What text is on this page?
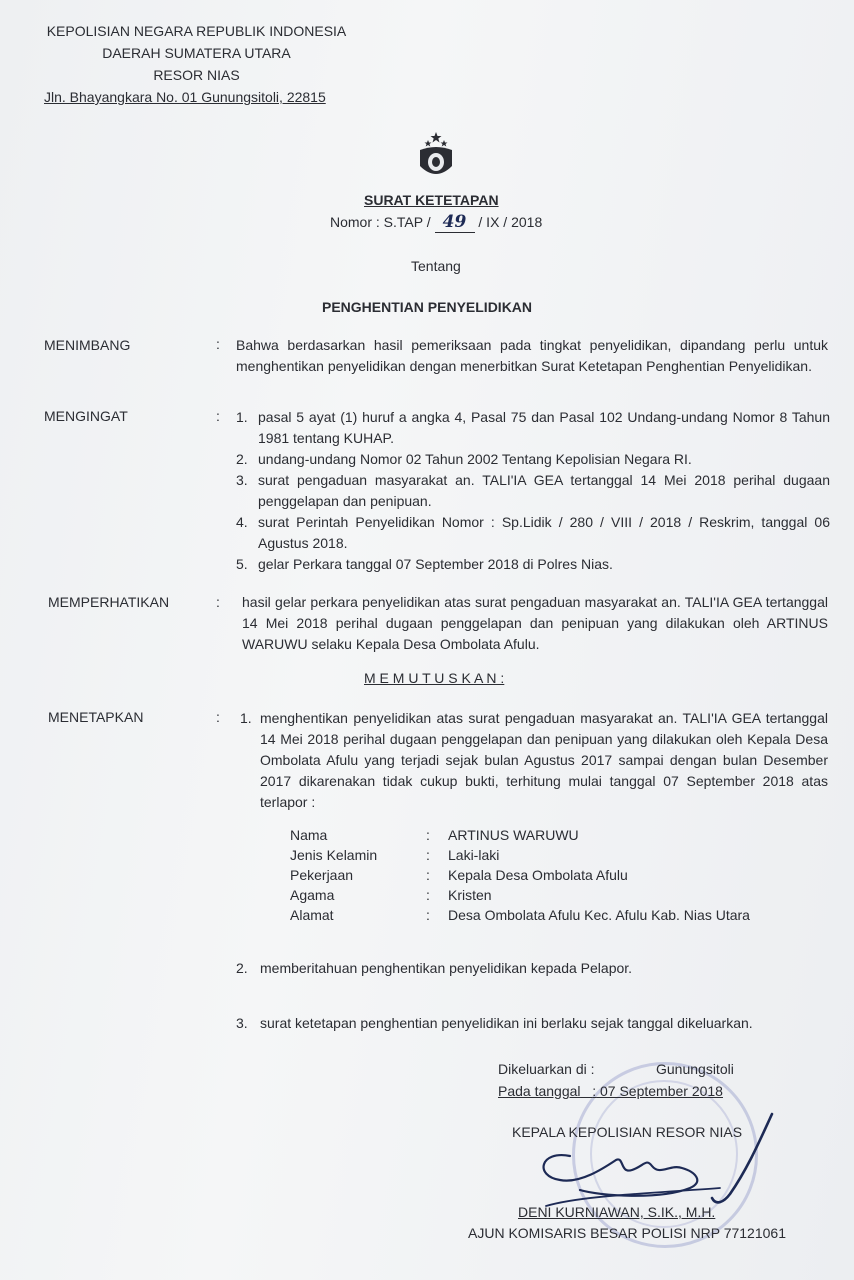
KEPOLISIAN NEGARA REPUBLIK INDONESIA
DAERAH SUMATERA UTARA
RESOR NIAS
Jln. Bhayangkara No. 01 Gunungsitoli, 22815
SURAT KETETAPAN
Nomor : S.TAP / 49 / IX / 2018
Tentang
PENGHENTIAN PENYELIDIKAN
MENIMBANG	: Bahwa berdasarkan hasil pemeriksaan pada tingkat penyelidikan, dipandang perlu untuk menghentikan penyelidikan dengan menerbitkan Surat Ketetapan Penghentian Penyelidikan.
MENGINGAT	: 1. pasal 5 ayat (1) huruf a angka 4, Pasal 75 dan Pasal 102 Undang-undang Nomor 8 Tahun 1981 tentang KUHAP.
2. undang-undang Nomor 02 Tahun 2002 Tentang Kepolisian Negara RI.
3. surat pengaduan masyarakat an. TALI'IA GEA tertanggal 14 Mei 2018 perihal dugaan penggelapan dan penipuan.
4. surat Perintah Penyelidikan Nomor : Sp.Lidik / 280 / VIII / 2018 / Reskrim, tanggal 06 Agustus 2018.
5. gelar Perkara tanggal 07 September 2018 di Polres Nias.
MEMPERHATIKAN	: hasil gelar perkara penyelidikan atas surat pengaduan masyarakat an. TALI'IA GEA tertanggal 14 Mei 2018 perihal dugaan penggelapan dan penipuan yang dilakukan oleh ARTINUS WARUWU selaku Kepala Desa Ombolata Afulu.
M E M U T U S K A N :
MENETAPKAN	: 1. menghentikan penyelidikan atas surat pengaduan masyarakat an. TALI'IA GEA tertanggal 14 Mei 2018 perihal dugaan penggelapan dan penipuan yang dilakukan oleh Kepala Desa Ombolata Afulu yang terjadi sejak bulan Agustus 2017 sampai dengan bulan Desember 2017 dikarenakan tidak cukup bukti, terhitung mulai tanggal 07 September 2018 atas terlapor :
Nama	:	ARTINUS WARUWU
Jenis Kelamin	:	Laki-laki
Pekerjaan	:	Kepala Desa Ombolata Afulu
Agama	:	Kristen
Alamat	:	Desa Ombolata Afulu Kec. Afulu Kab. Nias Utara
2. memberitahuan penghentikan penyelidikan kepada Pelapor.
3. surat ketetapan penghentian penyelidikan ini berlaku sejak tanggal dikeluarkan.
Dikeluarkan di :	Gunungsitoli
Pada tanggal : 07 September 2018
KEPALA KEPOLISIAN RESOR NIAS
DENI KURNIAWAN, S.IK., M.H.
AJUN KOMISARIS BESAR POLISI NRP 77121061
